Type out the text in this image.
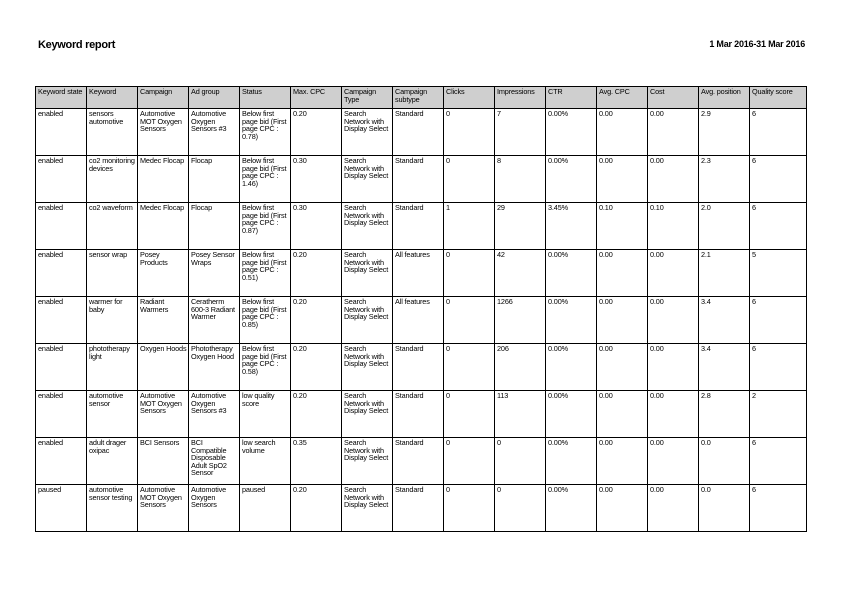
Keyword report	1 Mar 2016-31 Mar 2016
Keyword state	Keyword	Campaign	Ad group	Status	Max. CPC	Campaign Type	Campaign subtype	Clicks	Impressions	CTR	Avg. CPC	Cost	Avg. position	Quality score
enabled	sensors automotive	Automotive MOT Oxygen Sensors	Automotive Oxygen Sensors #3	Below first page bid (First page CPC : 0.78)	0.20	Search Network with Display Select	Standard	0	7	0.00%	0.00	0.00	2.9	6
enabled	co2 monitoring devices	Medec Flocap	Flocap	Below first page bid (First page CPC : 1.46)	0.30	Search Network with Display Select	Standard	0	8	0.00%	0.00	0.00	2.3	6
enabled	co2 waveform	Medec Flocap	Flocap	Below first page bid (First page CPC : 0.87)	0.30	Search Network with Display Select	Standard	1	29	3.45%	0.10	0.10	2.0	6
enabled	sensor wrap	Posey Products	Posey Sensor Wraps	Below first page bid (First page CPC : 0.51)	0.20	Search Network with Display Select	All features	0	42	0.00%	0.00	0.00	2.1	5
enabled	warmer for baby	Radiant Warmers	Ceratherm 600-3 Radiant Warmer	Below first page bid (First page CPC : 0.85)	0.20	Search Network with Display Select	All features	0	1266	0.00%	0.00	0.00	3.4	6
enabled	phototherapy light	Oxygen Hoods	Phototherapy Oxygen Hood	Below first page bid (First page CPC : 0.58)	0.20	Search Network with Display Select	Standard	0	206	0.00%	0.00	0.00	3.4	6
enabled	automotive sensor	Automotive MOT Oxygen Sensors	Automotive Oxygen Sensors #3	low quality score	0.20	Search Network with Display Select	Standard	0	113	0.00%	0.00	0.00	2.8	2
enabled	adult drager oxipac	BCI Sensors	BCI Compatible Disposable Adult SpO2 Sensor	low search volume	0.35	Search Network with Display Select	Standard	0	0	0.00%	0.00	0.00	0.0	6
paused	automotive sensor testing	Automotive MOT Oxygen Sensors	Automotive Oxygen Sensors	paused	0.20	Search Network with Display Select	Standard	0	0	0.00%	0.00	0.00	0.0	6
